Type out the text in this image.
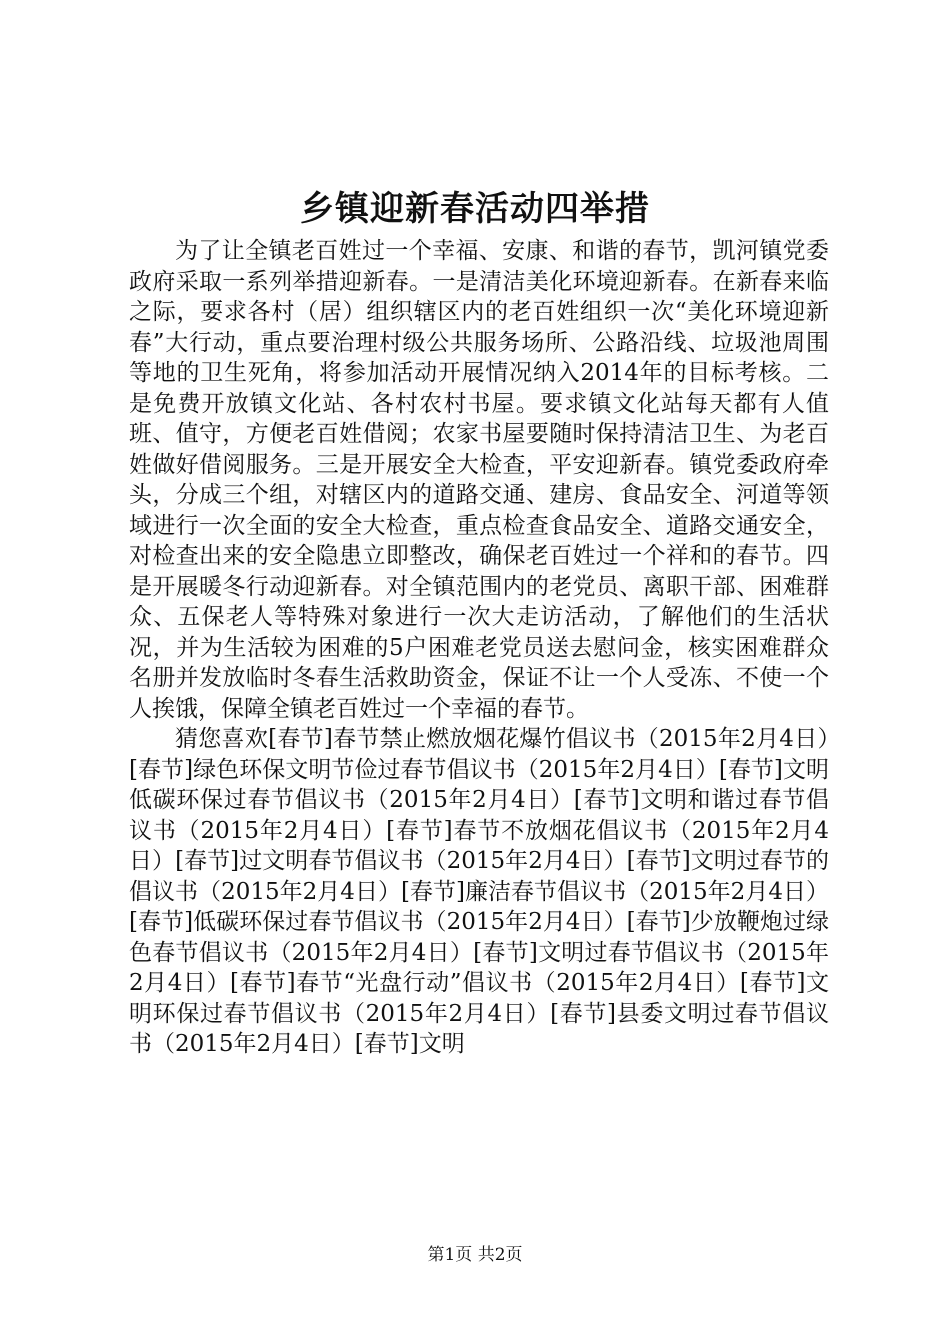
乡镇迎新春活动四举措

为了让全镇老百姓过一个幸福、安康、和谐的春节，凯河镇党委政府采取一系列举措迎新春。一是清洁美化环境迎新春。在新春来临之际，要求各村（居）组织辖区内的老百姓组织一次“美化环境迎新春”大行动，重点要治理村级公共服务场所、公路沿线、垃圾池周围等地的卫生死角，将参加活动开展情况纳入2014年的目标考核。二是免费开放镇文化站、各村农村书屋。要求镇文化站每天都有人值班、值守，方便老百姓借阅；农家书屋要随时保持清洁卫生、为老百姓做好借阅服务。三是开展安全大检查，平安迎新春。镇党委政府牵头，分成三个组，对辖区内的道路交通、建房、食品安全、河道等领域进行一次全面的安全大检查，重点检查食品安全、道路交通安全，对检查出来的安全隐患立即整改，确保老百姓过一个祥和的春节。四是开展暖冬行动迎新春。对全镇范围内的老党员、离职干部、困难群众、五保老人等特殊对象进行一次大走访活动，了解他们的生活状况，并为生活较为困难的5户困难老党员送去慰问金，核实困难群众名册并发放临时冬春生活救助资金，保证不让一个人受冻、不使一个人挨饿，保障全镇老百姓过一个幸福的春节。

猜您喜欢[春节]春节禁止燃放烟花爆竹倡议书（2015年2月4日）[春节]绿色环保文明节俭过春节倡议书（2015年2月4日）[春节]文明低碳环保过春节倡议书（2015年2月4日）[春节]文明和谐过春节倡议书（2015年2月4日）[春节]春节不放烟花倡议书（2015年2月4日）[春节]过文明春节倡议书（2015年2月4日）[春节]文明过春节的倡议书（2015年2月4日）[春节]廉洁春节倡议书（2015年2月4日）[春节]低碳环保过春节倡议书（2015年2月4日）[春节]少放鞭炮过绿色春节倡议书（2015年2月4日）[春节]文明过春节倡议书（2015年2月4日）[春节]春节“光盘行动”倡议书（2015年2月4日）[春节]文明环保过春节倡议书（2015年2月4日）[春节]县委文明过春节倡议书（2015年2月4日）[春节]文明

第1页 共2页
